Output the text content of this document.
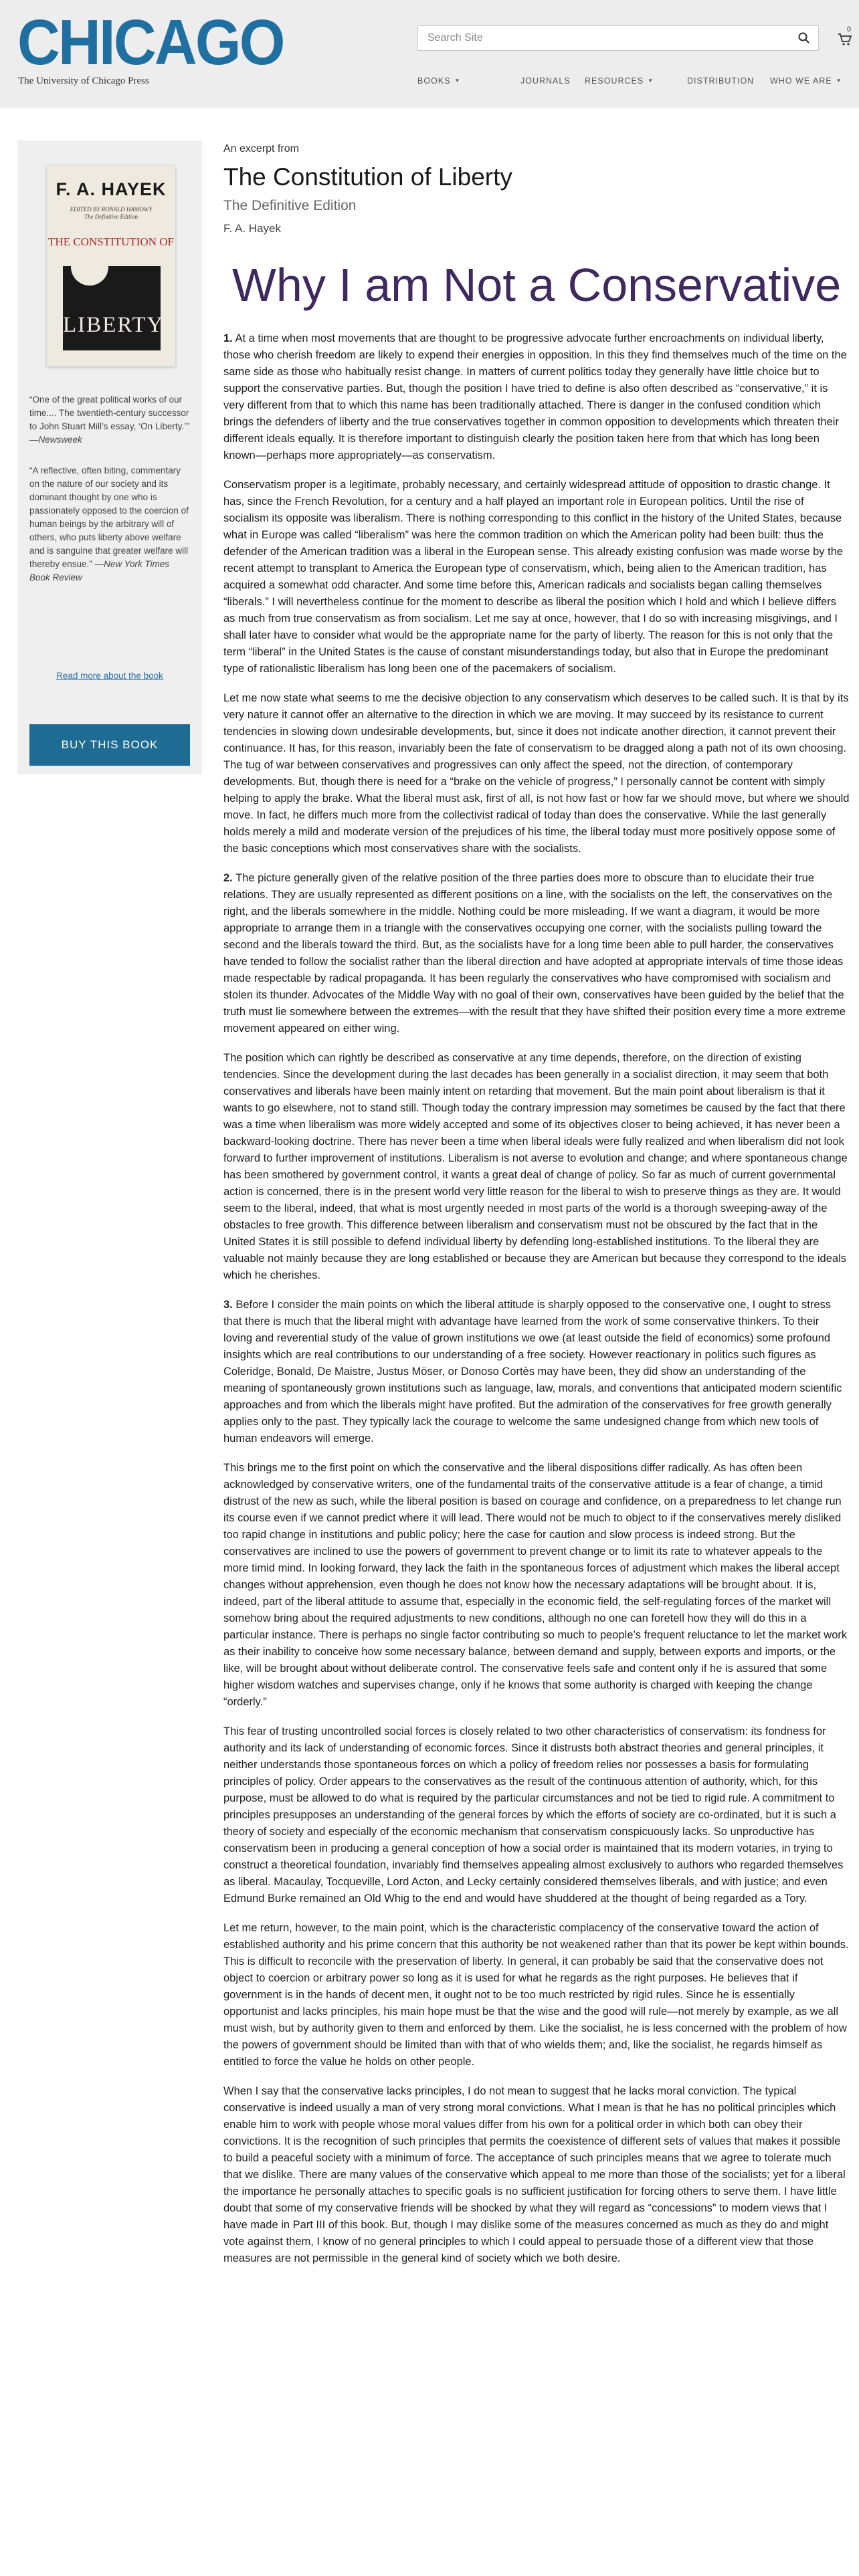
CHICAGO
The University of Chicago Press
Search Site
0
BOOKS ▼	JOURNALS RESOURCES ▼	DISTRIBUTION WHO WE ARE ▼
F. A. HAYEK
EDITED BY RONALD HAMOWY
The Definitive Edition
THE CONSTITUTION OF
LIBERTY
“One of the great political works of our time.... The twentieth-century successor to John Stuart Mill’s essay, ‘On Liberty.’” —Newsweek
“A reflective, often biting, commentary on the nature of our society and its dominant thought by one who is passionately opposed to the coercion of human beings by the arbitrary will of others, who puts liberty above welfare and is sanguine that greater welfare will thereby ensue.” —New York Times Book Review
Read more about the book
BUY THIS BOOK
An excerpt from
The Constitution of Liberty
The Definitive Edition
F. A. Hayek
Why I am Not a Conservative

1. At a time when most movements that are thought to be progressive advocate further encroachments on individual liberty, those who cherish freedom are likely to expend their energies in opposition. In this they find themselves much of the time on the same side as those who habitually resist change. In matters of current politics today they generally have little choice but to support the conservative parties. But, though the position I have tried to define is also often described as “conservative,” it is very different from that to which this name has been traditionally attached. There is danger in the confused condition which brings the defenders of liberty and the true conservatives together in common opposition to developments which threaten their different ideals equally. It is therefore important to distinguish clearly the position taken here from that which has long been known—perhaps more appropriately—as conservatism.

Conservatism proper is a legitimate, probably necessary, and certainly widespread attitude of opposition to drastic change. It has, since the French Revolution, for a century and a half played an important role in European politics. Until the rise of socialism its opposite was liberalism. There is nothing corresponding to this conflict in the history of the United States, because what in Europe was called “liberalism” was here the common tradition on which the American polity had been built: thus the defender of the American tradition was a liberal in the European sense. This already existing confusion was made worse by the recent attempt to transplant to America the European type of conservatism, which, being alien to the American tradition, has acquired a somewhat odd character. And some time before this, American radicals and socialists began calling themselves “liberals.” I will nevertheless continue for the moment to describe as liberal the position which I hold and which I believe differs as much from true conservatism as from socialism. Let me say at once, however, that I do so with increasing misgivings, and I shall later have to consider what would be the appropriate name for the party of liberty. The reason for this is not only that the term “liberal” in the United States is the cause of constant misunderstandings today, but also that in Europe the predominant type of rationalistic liberalism has long been one of the pacemakers of socialism.

Let me now state what seems to me the decisive objection to any conservatism which deserves to be called such. It is that by its very nature it cannot offer an alternative to the direction in which we are moving. It may succeed by its resistance to current tendencies in slowing down undesirable developments, but, since it does not indicate another direction, it cannot prevent their continuance. It has, for this reason, invariably been the fate of conservatism to be dragged along a path not of its own choosing. The tug of war between conservatives and progressives can only affect the speed, not the direction, of contemporary developments. But, though there is need for a “brake on the vehicle of progress,” I personally cannot be content with simply helping to apply the brake. What the liberal must ask, first of all, is not how fast or how far we should move, but where we should move. In fact, he differs much more from the collectivist radical of today than does the conservative. While the last generally holds merely a mild and moderate version of the prejudices of his time, the liberal today must more positively oppose some of the basic conceptions which most conservatives share with the socialists.

2. The picture generally given of the relative position of the three parties does more to obscure than to elucidate their true relations. They are usually represented as different positions on a line, with the socialists on the left, the conservatives on the right, and the liberals somewhere in the middle. Nothing could be more misleading. If we want a diagram, it would be more appropriate to arrange them in a triangle with the conservatives occupying one corner, with the socialists pulling toward the second and the liberals toward the third. But, as the socialists have for a long time been able to pull harder, the conservatives have tended to follow the socialist rather than the liberal direction and have adopted at appropriate intervals of time those ideas made respectable by radical propaganda. It has been regularly the conservatives who have compromised with socialism and stolen its thunder. Advocates of the Middle Way with no goal of their own, conservatives have been guided by the belief that the truth must lie somewhere between the extremes—with the result that they have shifted their position every time a more extreme movement appeared on either wing.

The position which can rightly be described as conservative at any time depends, therefore, on the direction of existing tendencies. Since the development during the last decades has been generally in a socialist direction, it may seem that both conservatives and liberals have been mainly intent on retarding that movement. But the main point about liberalism is that it wants to go elsewhere, not to stand still. Though today the contrary impression may sometimes be caused by the fact that there was a time when liberalism was more widely accepted and some of its objectives closer to being achieved, it has never been a backward-looking doctrine. There has never been a time when liberal ideals were fully realized and when liberalism did not look forward to further improvement of institutions. Liberalism is not averse to evolution and change; and where spontaneous change has been smothered by government control, it wants a great deal of change of policy. So far as much of current governmental action is concerned, there is in the present world very little reason for the liberal to wish to preserve things as they are. It would seem to the liberal, indeed, that what is most urgently needed in most parts of the world is a thorough sweeping-away of the obstacles to free growth. This difference between liberalism and conservatism must not be obscured by the fact that in the United States it is still possible to defend individual liberty by defending long-established institutions. To the liberal they are valuable not mainly because they are long established or because they are American but because they correspond to the ideals which he cherishes.

3. Before I consider the main points on which the liberal attitude is sharply opposed to the conservative one, I ought to stress that there is much that the liberal might with advantage have learned from the work of some conservative thinkers. To their loving and reverential study of the value of grown institutions we owe (at least outside the field of economics) some profound insights which are real contributions to our understanding of a free society. However reactionary in politics such figures as Coleridge, Bonald, De Maistre, Justus Möser, or Donoso Cortès may have been, they did show an understanding of the meaning of spontaneously grown institutions such as language, law, morals, and conventions that anticipated modern scientific approaches and from which the liberals might have profited. But the admiration of the conservatives for free growth generally applies only to the past. They typically lack the courage to welcome the same undesigned change from which new tools of human endeavors will emerge.

This brings me to the first point on which the conservative and the liberal dispositions differ radically. As has often been acknowledged by conservative writers, one of the fundamental traits of the conservative attitude is a fear of change, a timid distrust of the new as such, while the liberal position is based on courage and confidence, on a preparedness to let change run its course even if we cannot predict where it will lead. There would not be much to object to if the conservatives merely disliked too rapid change in institutions and public policy; here the case for caution and slow process is indeed strong. But the conservatives are inclined to use the powers of government to prevent change or to limit its rate to whatever appeals to the more timid mind. In looking forward, they lack the faith in the spontaneous forces of adjustment which makes the liberal accept changes without apprehension, even though he does not know how the necessary adaptations will be brought about. It is, indeed, part of the liberal attitude to assume that, especially in the economic field, the self-regulating forces of the market will somehow bring about the required adjustments to new conditions, although no one can foretell how they will do this in a particular instance. There is perhaps no single factor contributing so much to people’s frequent reluctance to let the market work as their inability to conceive how some necessary balance, between demand and supply, between exports and imports, or the like, will be brought about without deliberate control. The conservative feels safe and content only if he is assured that some higher wisdom watches and supervises change, only if he knows that some authority is charged with keeping the change “orderly.”

This fear of trusting uncontrolled social forces is closely related to two other characteristics of conservatism: its fondness for authority and its lack of understanding of economic forces. Since it distrusts both abstract theories and general principles, it neither understands those spontaneous forces on which a policy of freedom relies nor possesses a basis for formulating principles of policy. Order appears to the conservatives as the result of the continuous attention of authority, which, for this purpose, must be allowed to do what is required by the particular circumstances and not be tied to rigid rule. A commitment to principles presupposes an understanding of the general forces by which the efforts of society are co-ordinated, but it is such a theory of society and especially of the economic mechanism that conservatism conspicuously lacks. So unproductive has conservatism been in producing a general conception of how a social order is maintained that its modern votaries, in trying to construct a theoretical foundation, invariably find themselves appealing almost exclusively to authors who regarded themselves as liberal. Macaulay, Tocqueville, Lord Acton, and Lecky certainly considered themselves liberals, and with justice; and even Edmund Burke remained an Old Whig to the end and would have shuddered at the thought of being regarded as a Tory.

Let me return, however, to the main point, which is the characteristic complacency of the conservative toward the action of established authority and his prime concern that this authority be not weakened rather than that its power be kept within bounds. This is difficult to reconcile with the preservation of liberty. In general, it can probably be said that the conservative does not object to coercion or arbitrary power so long as it is used for what he regards as the right purposes. He believes that if government is in the hands of decent men, it ought not to be too much restricted by rigid rules. Since he is essentially opportunist and lacks principles, his main hope must be that the wise and the good will rule—not merely by example, as we all must wish, but by authority given to them and enforced by them. Like the socialist, he is less concerned with the problem of how the powers of government should be limited than with that of who wields them; and, like the socialist, he regards himself as entitled to force the value he holds on other people.

When I say that the conservative lacks principles, I do not mean to suggest that he lacks moral conviction. The typical conservative is indeed usually a man of very strong moral convictions. What I mean is that he has no political principles which enable him to work with people whose moral values differ from his own for a political order in which both can obey their convictions. It is the recognition of such principles that permits the coexistence of different sets of values that makes it possible to build a peaceful society with a minimum of force. The acceptance of such principles means that we agree to tolerate much that we dislike. There are many values of the conservative which appeal to me more than those of the socialists; yet for a liberal the importance he personally attaches to specific goals is no sufficient justification for forcing others to serve them. I have little doubt that some of my conservative friends will be shocked by what they will regard as “concessions” to modern views that I have made in Part III of this book. But, though I may dislike some of the measures concerned as much as they do and might vote against them, I know of no general principles to which I could appeal to persuade those of a different view that those measures are not permissible in the general kind of society which we both desire.
